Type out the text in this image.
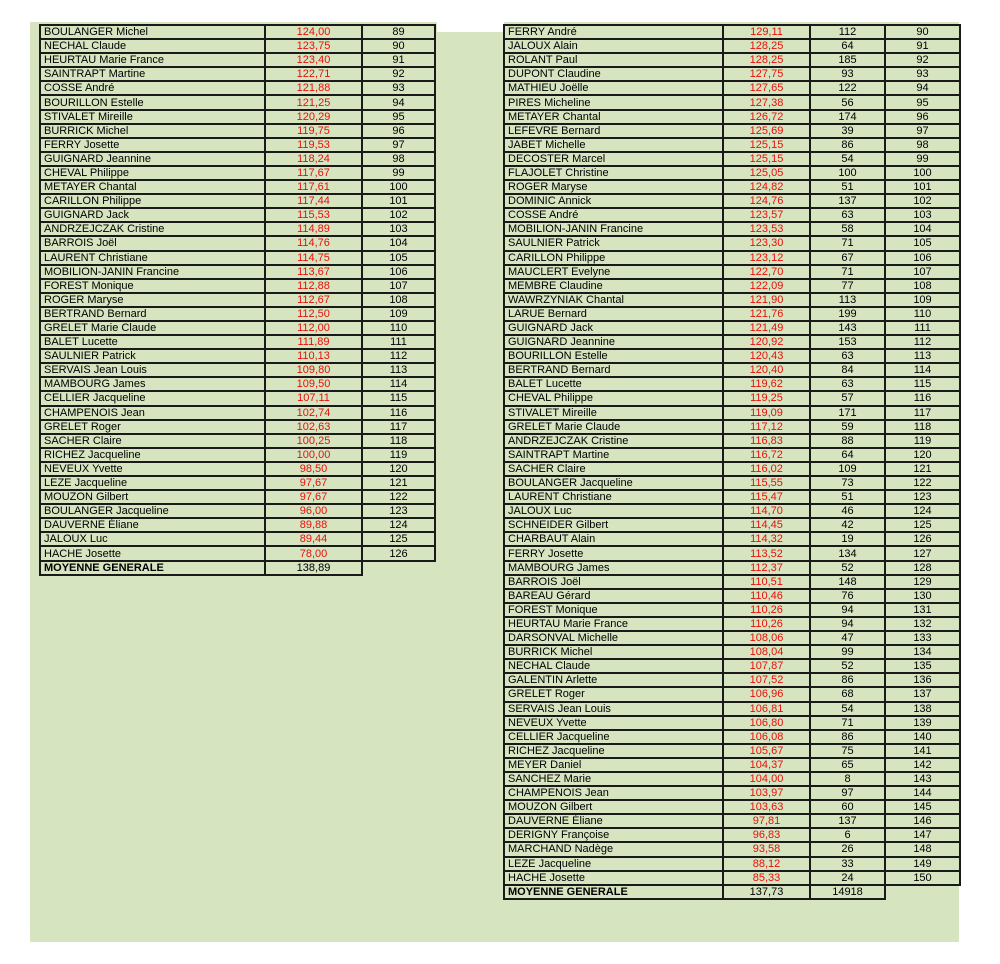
BOULANGER Michel	124,00	89
NECHAL Claude	123,75	90
HEURTAU Marie France	123,40	91
SAINTRAPT Martine	122,71	92
COSSE André	121,88	93
BOURILLON Estelle	121,25	94
STIVALET Mireille	120,29	95
BURRICK Michel	119,75	96
FERRY Josette	119,53	97
GUIGNARD Jeannine	118,24	98
CHEVAL Philippe	117,67	99
METAYER Chantal	117,61	100
CARILLON Philippe	117,44	101
GUIGNARD Jack	115,53	102
ANDRZEJCZAK Cristine	114,89	103
BARROIS Joël	114,76	104
LAURENT Christiane	114,75	105
MOBILION-JANIN Francine	113,67	106
FOREST Monique	112,88	107
ROGER Maryse	112,67	108
BERTRAND Bernard	112,50	109
GRELET Marie Claude	112,00	110
BALET Lucette	111,89	111
SAULNIER Patrick	110,13	112
SERVAIS Jean Louis	109,80	113
MAMBOURG James	109,50	114
CELLIER Jacqueline	107,11	115
CHAMPENOIS Jean	102,74	116
GRELET Roger	102,63	117
SACHER Claire	100,25	118
RICHEZ Jacqueline	100,00	119
NEVEUX Yvette	98,50	120
LEZE Jacqueline	97,67	121
MOUZON Gilbert	97,67	122
BOULANGER Jacqueline	96,00	123
DAUVERNE Éliane	89,88	124
JALOUX Luc	89,44	125
HACHE Josette	78,00	126
MOYENNE GENERALE	138,89	
FERRY André	129,11	112	90
JALOUX Alain	128,25	64	91
ROLANT Paul	128,25	185	92
DUPONT Claudine	127,75	93	93
MATHIEU Joëlle	127,65	122	94
PIRES Micheline	127,38	56	95
METAYER Chantal	126,72	174	96
LEFEVRE Bernard	125,69	39	97
JABET Michelle	125,15	86	98
DECOSTER Marcel	125,15	54	99
FLAJOLET Christine	125,05	100	100
ROGER Maryse	124,82	51	101
DOMINIC Annick	124,76	137	102
COSSE André	123,57	63	103
MOBILION-JANIN Francine	123,53	58	104
SAULNIER Patrick	123,30	71	105
CARILLON Philippe	123,12	67	106
MAUCLERT Evelyne	122,70	71	107
MEMBRE Claudine	122,09	77	108
WAWRZYNIAK Chantal	121,90	113	109
LARUE Bernard	121,76	199	110
GUIGNARD Jack	121,49	143	111
GUIGNARD Jeannine	120,92	153	112
BOURILLON Estelle	120,43	63	113
BERTRAND Bernard	120,40	84	114
BALET Lucette	119,62	63	115
CHEVAL Philippe	119,25	57	116
STIVALET Mireille	119,09	171	117
GRELET Marie Claude	117,12	59	118
ANDRZEJCZAK Cristine	116,83	88	119
SAINTRAPT Martine	116,72	64	120
SACHER Claire	116,02	109	121
BOULANGER Jacqueline	115,55	73	122
LAURENT Christiane	115,47	51	123
JALOUX Luc	114,70	46	124
SCHNEIDER Gilbert	114,45	42	125
CHARBAUT Alain	114,32	19	126
FERRY Josette	113,52	134	127
MAMBOURG James	112,37	52	128
BARROIS Joël	110,51	148	129
BAREAU Gérard	110,46	76	130
FOREST Monique	110,26	94	131
HEURTAU Marie France	110,26	94	132
DARSONVAL Michelle	108,06	47	133
BURRICK Michel	108,04	99	134
NECHAL Claude	107,87	52	135
GALENTIN Arlette	107,52	86	136
GRELET Roger	106,96	68	137
SERVAIS Jean Louis	106,81	54	138
NEVEUX Yvette	106,80	71	139
CELLIER Jacqueline	106,08	86	140
RICHEZ Jacqueline	105,67	75	141
MEYER Daniel	104,37	65	142
SANCHEZ Marie	104,00	8	143
CHAMPENOIS Jean	103,97	97	144
MOUZON Gilbert	103,63	60	145
DAUVERNE Éliane	97,81	137	146
DERIGNY Françoise	96,83	6	147
MARCHAND Nadège	93,58	26	148
LEZE Jacqueline	88,12	33	149
HACHE Josette	85,33	24	150
MOYENNE GENERALE	137,73	14918	
